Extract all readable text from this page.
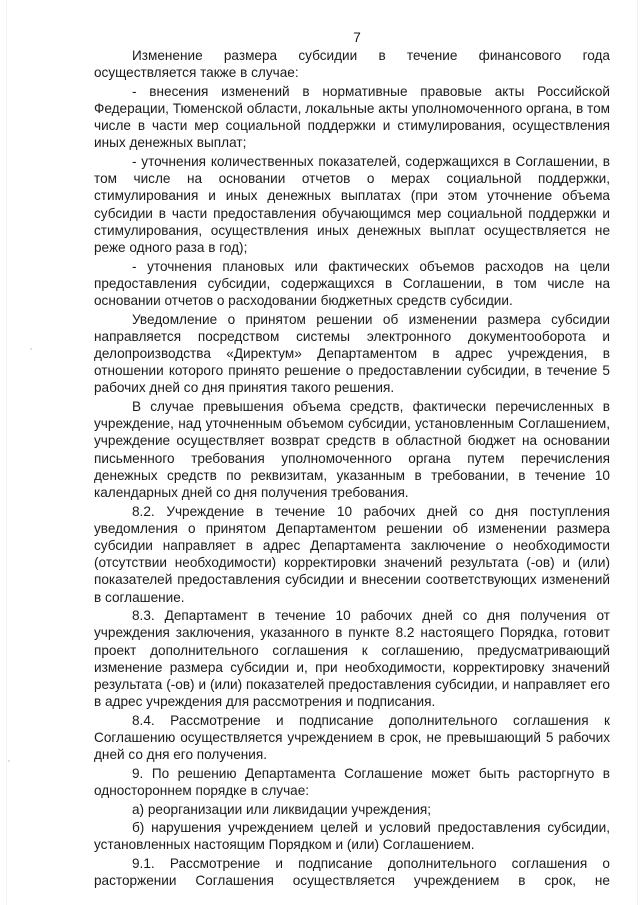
7

Изменение размера субсидии в течение финансового года осуществляется также в случае:

- внесения изменений в нормативные правовые акты Российской Федерации, Тюменской области, локальные акты уполномоченного органа, в том числе в части мер социальной поддержки и стимулирования, осуществления иных денежных выплат;

- уточнения количественных показателей, содержащихся в Соглашении, в том числе на основании отчетов о мерах социальной поддержки, стимулирования и иных денежных выплатах (при этом уточнение объема субсидии в части предоставления обучающимся мер социальной поддержки и стимулирования, осуществления иных денежных выплат осуществляется не реже одного раза в год);

- уточнения плановых или фактических объемов расходов на цели предоставления субсидии, содержащихся в Соглашении, в том числе на основании отчетов о расходовании бюджетных средств субсидии.

Уведомление о принятом решении об изменении размера субсидии направляется посредством системы электронного документооборота и делопроизводства «Директум» Департаментом в адрес учреждения, в отношении которого принято решение о предоставлении субсидии, в течение 5 рабочих дней со дня принятия такого решения.

В случае превышения объема средств, фактически перечисленных в учреждение, над уточненным объемом субсидии, установленным Соглашением, учреждение осуществляет возврат средств в областной бюджет на основании письменного требования уполномоченного органа путем перечисления денежных средств по реквизитам, указанным в требовании, в течение 10 календарных дней со дня получения требования.

8.2. Учреждение в течение 10 рабочих дней со дня поступления уведомления о принятом Департаментом решении об изменении размера субсидии направляет в адрес Департамента заключение о необходимости (отсутствии необходимости) корректировки значений результата (-ов) и (или) показателей предоставления субсидии и внесении соответствующих изменений в соглашение.

8.3. Департамент в течение 10 рабочих дней со дня получения от учреждения заключения, указанного в пункте 8.2 настоящего Порядка, готовит проект дополнительного соглашения к соглашению, предусматривающий изменение размера субсидии и, при необходимости, корректировку значений результата (-ов) и (или) показателей предоставления субсидии, и направляет его в адрес учреждения для рассмотрения и подписания.

8.4. Рассмотрение и подписание дополнительного соглашения к Соглашению осуществляется учреждением в срок, не превышающий 5 рабочих дней со дня его получения.

9. По решению Департамента Соглашение может быть расторгнуто в одностороннем порядке в случае:

а) реорганизации или ликвидации учреждения;

б) нарушения учреждением целей и условий предоставления субсидии, установленных настоящим Порядком и (или) Соглашением.

9.1. Рассмотрение и подписание дополнительного соглашения о расторжении Соглашения осуществляется учреждением в срок, не
